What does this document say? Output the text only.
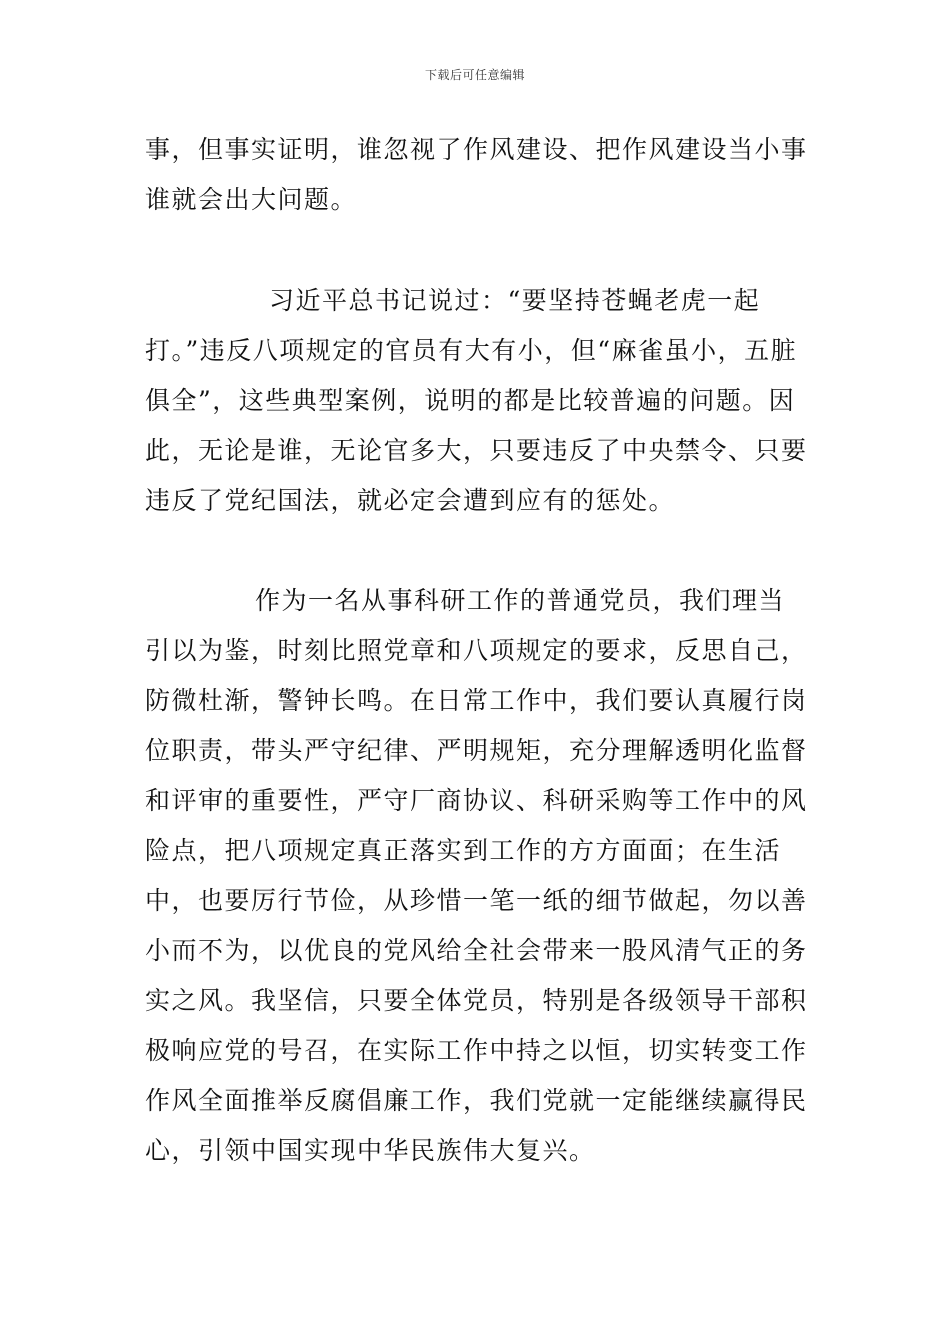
下载后可任意编辑

事，但事实证明，谁忽视了作风建设、把作风建设当小事谁就会出大问题。

习近平总书记说过：“要坚持苍蝇老虎一起打。”违反八项规定的官员有大有小，但“麻雀虽小，五脏俱全”，这些典型案例，说明的都是比较普遍的问题。因此，无论是谁，无论官多大，只要违反了中央禁令、只要违反了党纪国法，就必定会遭到应有的惩处。

作为一名从事科研工作的普通党员，我们理当引以为鉴，时刻比照党章和八项规定的要求，反思自己，防微杜渐，警钟长鸣。在日常工作中，我们要认真履行岗位职责，带头严守纪律、严明规矩，充分理解透明化监督和评审的重要性，严守厂商协议、科研采购等工作中的风险点，把八项规定真正落实到工作的方方面面；在生活中，也要厉行节俭，从珍惜一笔一纸的细节做起，勿以善小而不为，以优良的党风给全社会带来一股风清气正的务实之风。我坚信，只要全体党员，特别是各级领导干部积极响应党的号召，在实际工作中持之以恒，切实转变工作作风全面推举反腐倡廉工作，我们党就一定能继续赢得民心，引领中国实现中华民族伟大复兴。
